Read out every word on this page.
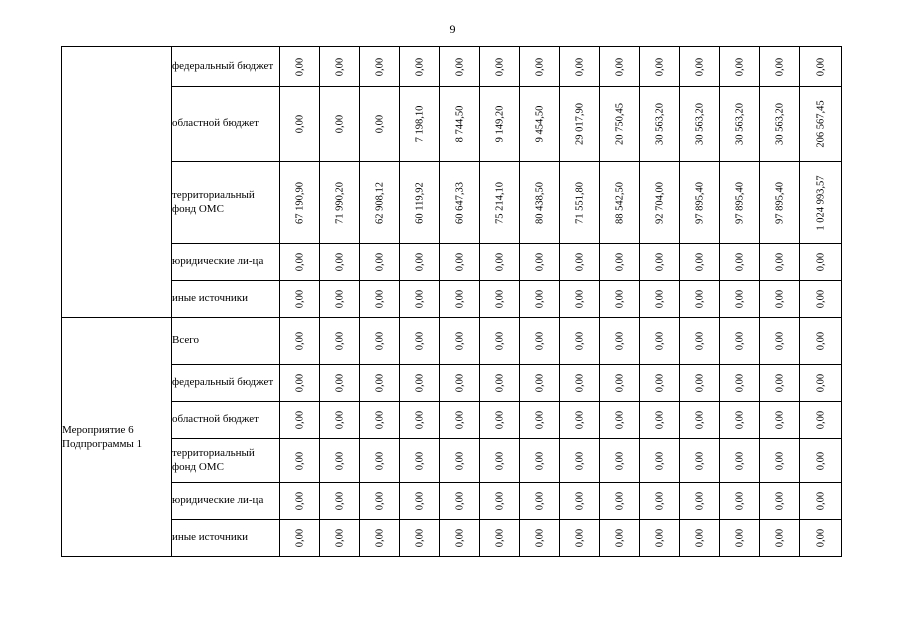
9
	федеральный бюджет	0,00	0,00	0,00	0,00	0,00	0,00	0,00	0,00	0,00	0,00	0,00	0,00	0,00	0,00

	областной бюджет	0,00	0,00	0,00	7 198,10	8 744,50	9 149,20	9 454,50	29 017,90	20 750,45	30 563,20	30 563,20	30 563,20	30 563,20	206 567,45

	территориальный фонд ОМС	67 190,90	71 990,20	62 908,12	60 119,92	60 647,33	75 214,10	80 438,50	71 551,80	88 542,50	92 704,00	97 895,40	97 895,40	97 895,40	1 024 993,57

	юридические ли-ца	0,00	0,00	0,00	0,00	0,00	0,00	0,00	0,00	0,00	0,00	0,00	0,00	0,00	0,00

	иные источники	0,00	0,00	0,00	0,00	0,00	0,00	0,00	0,00	0,00	0,00	0,00	0,00	0,00	0,00

Мероприятие 6 Подпрограммы 1	Всего	0,00	0,00	0,00	0,00	0,00	0,00	0,00	0,00	0,00	0,00	0,00	0,00	0,00	0,00

	федеральный бюджет	0,00	0,00	0,00	0,00	0,00	0,00	0,00	0,00	0,00	0,00	0,00	0,00	0,00	0,00

	областной бюджет	0,00	0,00	0,00	0,00	0,00	0,00	0,00	0,00	0,00	0,00	0,00	0,00	0,00	0,00

	территориальный фонд ОМС	0,00	0,00	0,00	0,00	0,00	0,00	0,00	0,00	0,00	0,00	0,00	0,00	0,00	0,00

	юридические ли-ца	0,00	0,00	0,00	0,00	0,00	0,00	0,00	0,00	0,00	0,00	0,00	0,00	0,00	0,00

	иные источники	0,00	0,00	0,00	0,00	0,00	0,00	0,00	0,00	0,00	0,00	0,00	0,00	0,00	0,00
